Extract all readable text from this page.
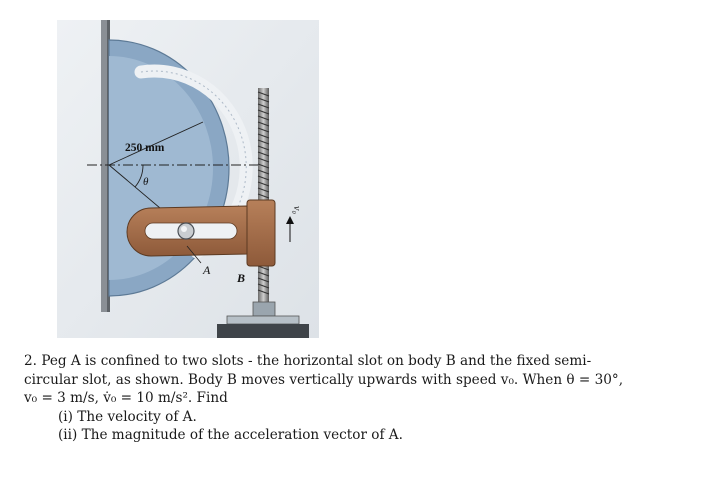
250 mm
θ
A
B
v₀

2. Peg A is confined to two slots - the horizontal slot on body B and the fixed semi-

circular slot, as shown. Body B moves vertically upwards with speed v₀. When θ = 30°,

v₀ = 3 m/s, v̇₀ = 10 m/s². Find

(i) The velocity of A.

(ii) The magnitude of the acceleration vector of A.
